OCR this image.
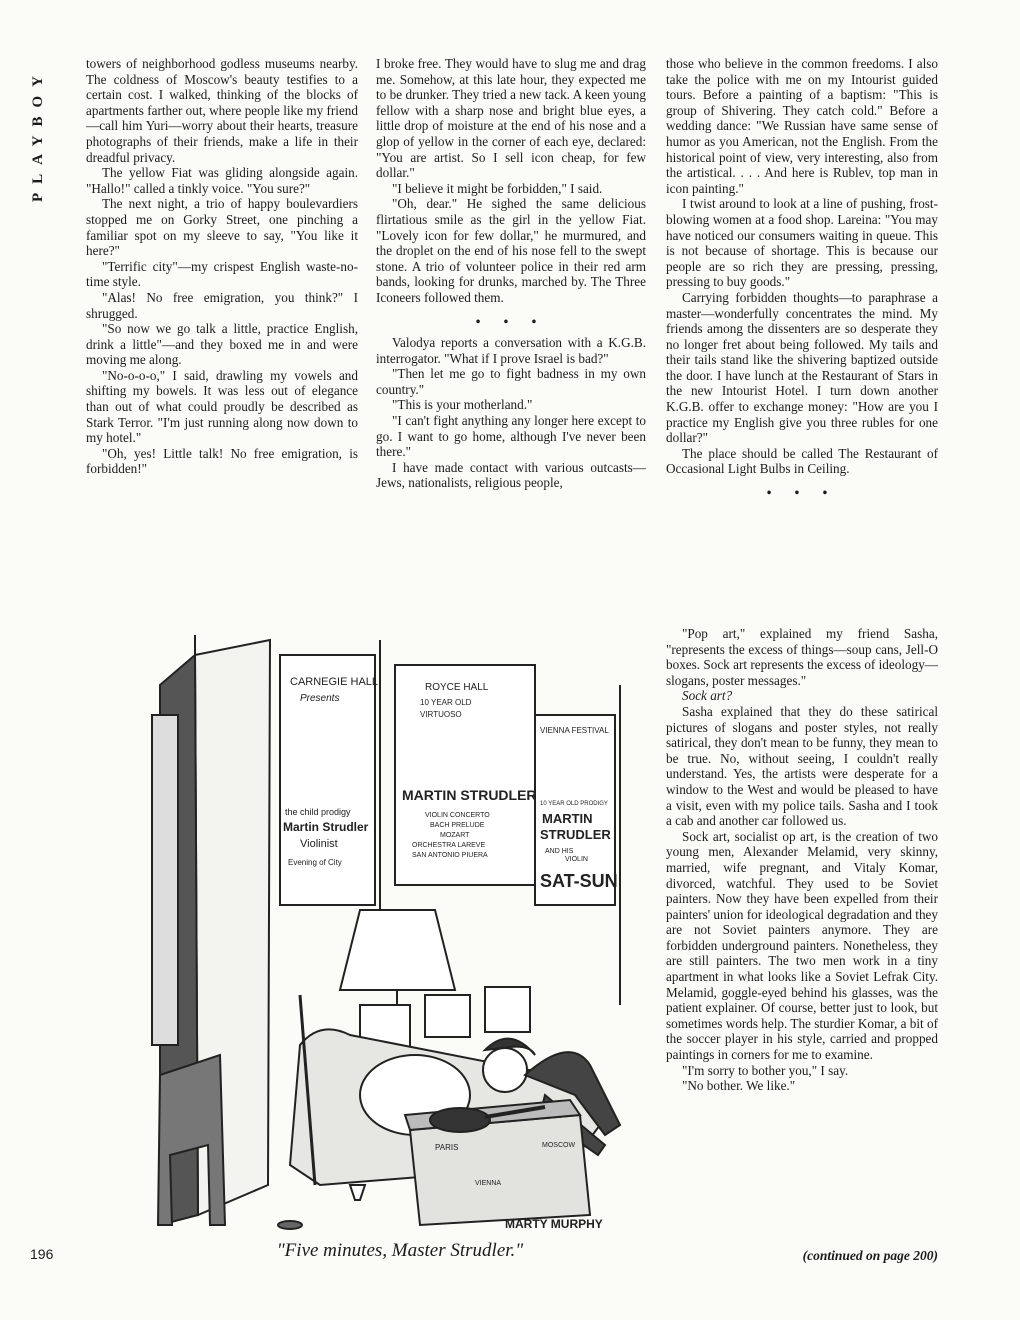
PLAYBOY

towers of neighborhood godless museums nearby. The coldness of Moscow's beauty testifies to a certain cost. I walked, thinking of the blocks of apartments farther out, where people like my friend—call him Yuri—worry about their hearts, treasure photographs of their friends, make a life in their dreadful privacy.

The yellow Fiat was gliding alongside again. "Hallo!" called a tinkly voice. "You sure?"

The next night, a trio of happy boulevardiers stopped me on Gorky Street, one pinching a familiar spot on my sleeve to say, "You like it here?"

"Terrific city"—my crispest English waste-no-time style.

"Alas! No free emigration, you think?" I shrugged.

"So now we go talk a little, practice English, drink a little"—and they boxed me in and were moving me along.

"No-o-o-o," I said, drawling my vowels and shifting my bowels. It was less out of elegance than out of what could proudly be described as Stark Terror. "I'm just running along now down to my hotel."

"Oh, yes! Little talk! No free emigration, is forbidden!"

I broke free. They would have to slug me and drag me. Somehow, at this late hour, they expected me to be drunker. They tried a new tack. A keen young fellow with a sharp nose and bright blue eyes, a little drop of moisture at the end of his nose and a glop of yellow in the corner of each eye, declared: "You are artist. So I sell icon cheap, for few dollar."

"I believe it might be forbidden," I said.

"Oh, dear." He sighed the same delicious flirtatious smile as the girl in the yellow Fiat. "Lovely icon for few dollar," he murmured, and the droplet on the end of his nose fell to the swept stone. A trio of volunteer police in their red arm bands, looking for drunks, marched by. The Three Iconeers followed them.

• • •

Valodya reports a conversation with a K.G.B. interrogator. "What if I prove Israel is bad?"

"Then let me go to fight badness in my own country."

"This is your motherland."

"I can't fight anything any longer here except to go. I want to go home, although I've never been there."

I have made contact with various outcasts—Jews, nationalists, religious people,

those who believe in the common freedoms. I also take the police with me on my Intourist guided tours. Before a painting of a baptism: "This is group of Shivering. They catch cold." Before a wedding dance: "We Russian have same sense of humor as you American, not the English. From the historical point of view, very interesting, also from the artistical. . . . And here is Rublev, top man in icon painting."

I twist around to look at a line of pushing, frost-blowing women at a food shop. Lareina: "You may have noticed our consumers waiting in queue. This is not because of shortage. This is because our people are so rich they are pressing, pressing, pressing to buy goods."

Carrying forbidden thoughts—to paraphrase a master—wonderfully concentrates the mind. My friends among the dissenters are so desperate they no longer fret about being followed. My tails and their tails stand like the shivering baptized outside the door. I have lunch at the Restaurant of Stars in the new Intourist Hotel. I turn down another K.G.B. offer to exchange money: "How are you I practice my English give you three rubles for one dollar?"

The place should be called The Restaurant of Occasional Light Bulbs in Ceiling.

• • •

"Pop art," explained my friend Sasha, "represents the excess of things—soup cans, Jell-O boxes. Sock art represents the excess of ideology—slogans, poster messages."

Sock art?

Sasha explained that they do these satirical pictures of slogans and poster styles, not really satirical, they don't mean to be funny, they mean to be true. No, without seeing, I couldn't really understand. Yes, the artists were desperate for a window to the West and would be pleased to have a visit, even with my police tails. Sasha and I took a cab and another car followed us.

Sock art, socialist op art, is the creation of two young men, Alexander Melamid, very skinny, married, wife pregnant, and Vitaly Komar, divorced, watchful. They used to be Soviet painters. Now they have been expelled from their painters' union for ideological degradation and they are not Soviet painters anymore. They are forbidden underground painters. Nonetheless, they are still painters. The two men work in a tiny apartment in what looks like a Soviet Lefrak City. Melamid, goggle-eyed behind his glasses, was the patient explainer. Of course, better just to look, but sometimes words help. The sturdier Komar, a bit of the soccer player in his style, carried and propped paintings in corners for me to examine.

"I'm sorry to bother you," I say.

"No bother. We like."

CARNEGIE HALL
Presents
the child prodigy
Martin Strudler
Violinist
Evening of City
ROYCE HALL
10 YEAR OLD
VIRTUOSO
MARTIN STRUDLER
VIOLIN CONCERTO
BACH PRELUDE
MOZART
ORCHESTRA LAREVE
SAN ANTONIO PIUERA
VIENNA FESTIVAL
10 YEAR OLD PRODIGY
MARTIN
STRUDLER
AND HIS
VIOLIN
SAT-SUN
PARIS	MOSCOW
VIENNA
MARTY MURPHY
"Five minutes, Master Strudler."
196	(continued on page 200)
